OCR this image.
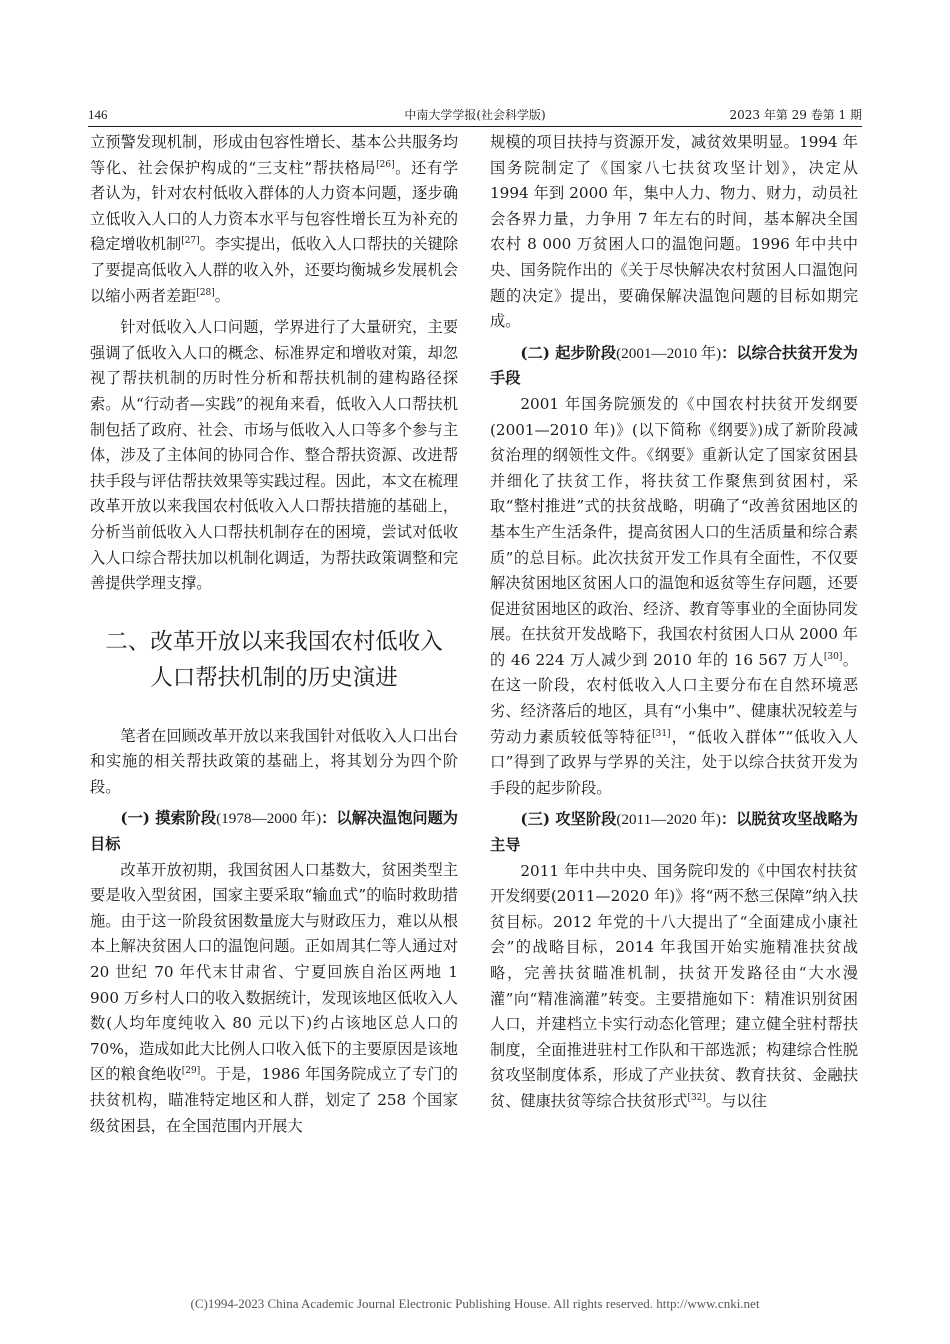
146	中南大学学报(社会科学版)	2023 年第 29 卷第 1 期

立预警发现机制，形成由包容性增长、基本公共服务均等化、社会保护构成的“三支柱”帮扶格局[26]。还有学者认为，针对农村低收入群体的人力资本问题，逐步确立低收入人口的人力资本水平与包容性增长互为补充的稳定增收机制[27]。李实提出，低收入人口帮扶的关键除了要提高低收入人群的收入外，还要均衡城乡发展机会以缩小两者差距[28]。

针对低收入人口问题，学界进行了大量研究，主要强调了低收入人口的概念、标准界定和增收对策，却忽视了帮扶机制的历时性分析和帮扶机制的建构路径探索。从“行动者—实践”的视角来看，低收入人口帮扶机制包括了政府、社会、市场与低收入人口等多个参与主体，涉及了主体间的协同合作、整合帮扶资源、改进帮扶手段与评估帮扶效果等实践过程。因此，本文在梳理改革开放以来我国农村低收入人口帮扶措施的基础上，分析当前低收入人口帮扶机制存在的困境，尝试对低收入人口综合帮扶加以机制化调适，为帮扶政策调整和完善提供学理支撑。

二、改革开放以来我国农村低收入
人口帮扶机制的历史演进

笔者在回顾改革开放以来我国针对低收入人口出台和实施的相关帮扶政策的基础上，将其划分为四个阶段。

(一) 摸索阶段(1978—2000 年)：以解决温饱问题为目标

改革开放初期，我国贫困人口基数大，贫困类型主要是收入型贫困，国家主要采取“输血式”的临时救助措施。由于这一阶段贫困数量庞大与财政压力，难以从根本上解决贫困人口的温饱问题。正如周其仁等人通过对 20 世纪 70 年代末甘肃省、宁夏回族自治区两地 1 900 万乡村人口的收入数据统计，发现该地区低收入人数(人均年度纯收入 80 元以下)约占该地区总人口的 70%，造成如此大比例人口收入低下的主要原因是该地区的粮食绝收[29]。于是，1986 年国务院成立了专门的扶贫机构，瞄准特定地区和人群，划定了 258 个国家级贫困县，在全国范围内开展大

规模的项目扶持与资源开发，减贫效果明显。1994 年国务院制定了《国家八七扶贫攻坚计划》，决定从 1994 年到 2000 年，集中人力、物力、财力，动员社会各界力量，力争用 7 年左右的时间，基本解决全国农村 8 000 万贫困人口的温饱问题。1996 年中共中央、国务院作出的《关于尽快解决农村贫困人口温饱问题的决定》提出，要确保解决温饱问题的目标如期完成。

(二) 起步阶段(2001—2010 年)：以综合扶贫开发为手段

2001 年国务院颁发的《中国农村扶贫开发纲要(2001—2010 年)》(以下简称《纲要》)成了新阶段减贫治理的纲领性文件。《纲要》重新认定了国家贫困县并细化了扶贫工作，将扶贫工作聚焦到贫困村，采取“整村推进”式的扶贫战略，明确了“改善贫困地区的基本生产生活条件，提高贫困人口的生活质量和综合素质”的总目标。此次扶贫开发工作具有全面性，不仅要解决贫困地区贫困人口的温饱和返贫等生存问题，还要促进贫困地区的政治、经济、教育等事业的全面协同发展。在扶贫开发战略下，我国农村贫困人口从 2000 年的 46 224 万人减少到 2010 年的 16 567 万人[30]。在这一阶段，农村低收入人口主要分布在自然环境恶劣、经济落后的地区，具有“小集中”、健康状况较差与劳动力素质较低等特征[31]，“低收入群体”“低收入人口”得到了政界与学界的关注，处于以综合扶贫开发为手段的起步阶段。

(三) 攻坚阶段(2011—2020 年)：以脱贫攻坚战略为主导

2011 年中共中央、国务院印发的《中国农村扶贫开发纲要(2011—2020 年)》将“两不愁三保障”纳入扶贫目标。2012 年党的十八大提出了“全面建成小康社会”的战略目标，2014 年我国开始实施精准扶贫战略，完善扶贫瞄准机制，扶贫开发路径由“大水漫灌”向“精准滴灌”转变。主要措施如下：精准识别贫困人口，并建档立卡实行动态化管理；建立健全驻村帮扶制度，全面推进驻村工作队和干部选派；构建综合性脱贫攻坚制度体系，形成了产业扶贫、教育扶贫、金融扶贫、健康扶贫等综合扶贫形式[32]。与以往

(C)1994-2023 China Academic Journal Electronic Publishing House. All rights reserved. http://www.cnki.net
